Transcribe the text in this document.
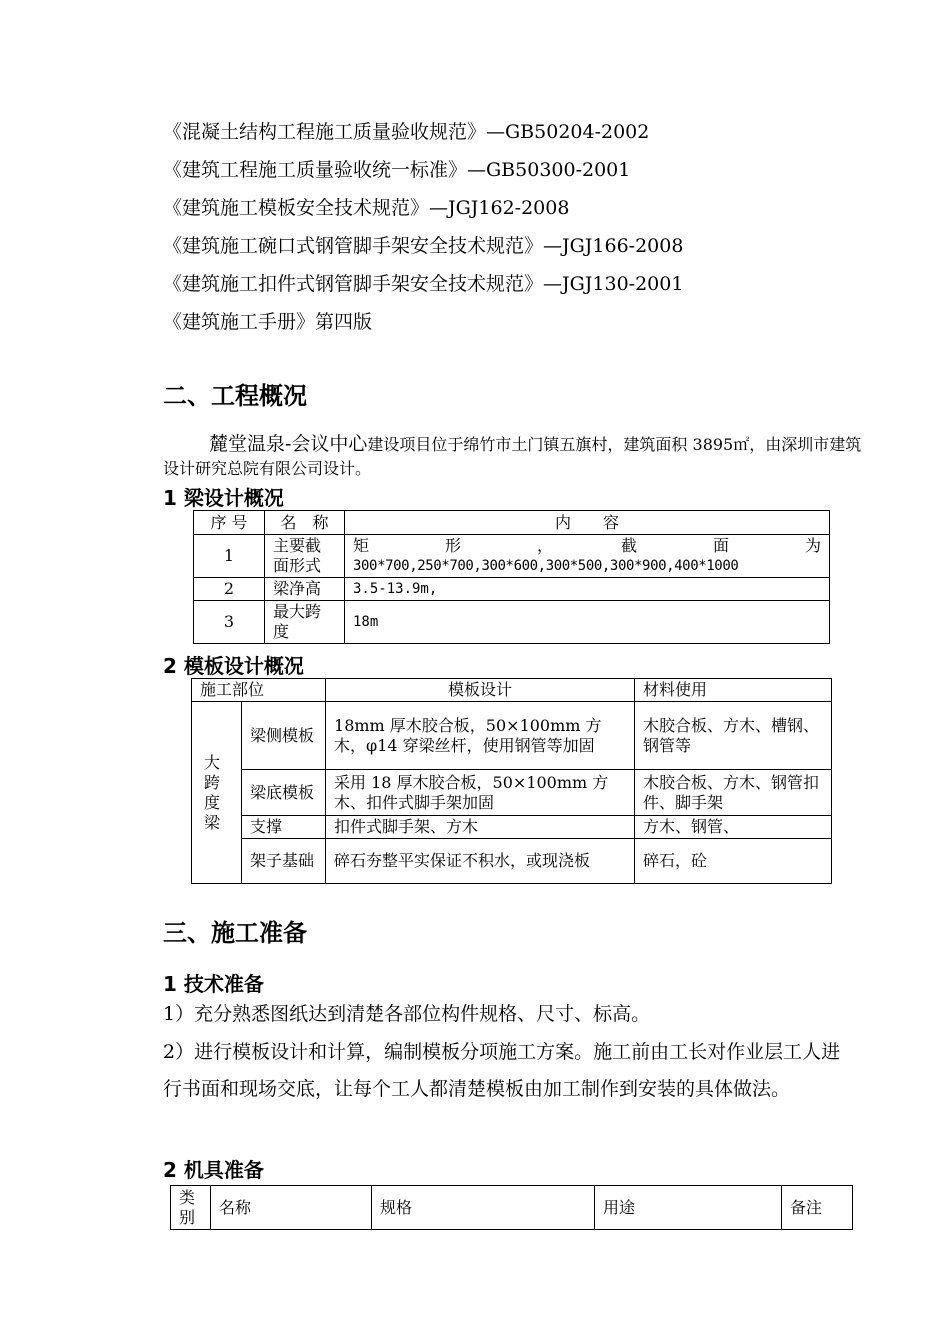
《混凝土结构工程施工质量验收规范》—GB50204-2002
《建筑工程施工质量验收统一标准》—GB50300-2001
《建筑施工模板安全技术规范》—JGJ162-2008
《建筑施工碗口式钢管脚手架安全技术规范》—JGJ166-2008
《建筑施工扣件式钢管脚手架安全技术规范》—JGJ130-2001
《建筑施工手册》第四版
二、工程概况
麓堂温泉-会议中心建设项目位于绵竹市土门镇五旗村，建筑面积 3895㎡，由深圳市建筑设计研究总院有限公司设计。
1 梁设计概况
序 号	名　称	内　　容
1	主要截面形式	矩　形　，　截　面　为
300*700,250*700,300*600,300*500,300*900,400*1000

2	梁净高	3.5-13.9m,
3	最大跨度	18m
2 模板设计概况
施工部位		模板设计	材料使用
大跨度梁	梁侧模板	18mm 厚木胶合板，50×100mm 方木，φ14 穿梁丝杆，使用钢管等加固	木胶合板、方木、槽钢、钢管等
	梁底模板	采用 18 厚木胶合板，50×100mm 方木、扣件式脚手架加固	木胶合板、方木、钢管扣件、脚手架
	支撑	扣件式脚手架、方木	方木、钢管、
	架子基础	碎石夯整平实保证不积水，或现浇板	碎石，砼
三、施工准备
1 技术准备
1）充分熟悉图纸达到清楚各部位构件规格、尺寸、标高。
2）进行模板设计和计算，编制模板分项施工方案。施工前由工长对作业层工人进行书面和现场交底，让每个工人都清楚模板由加工制作到安装的具体做法。
2 机具准备
类别	名称	规格	用途	备注
